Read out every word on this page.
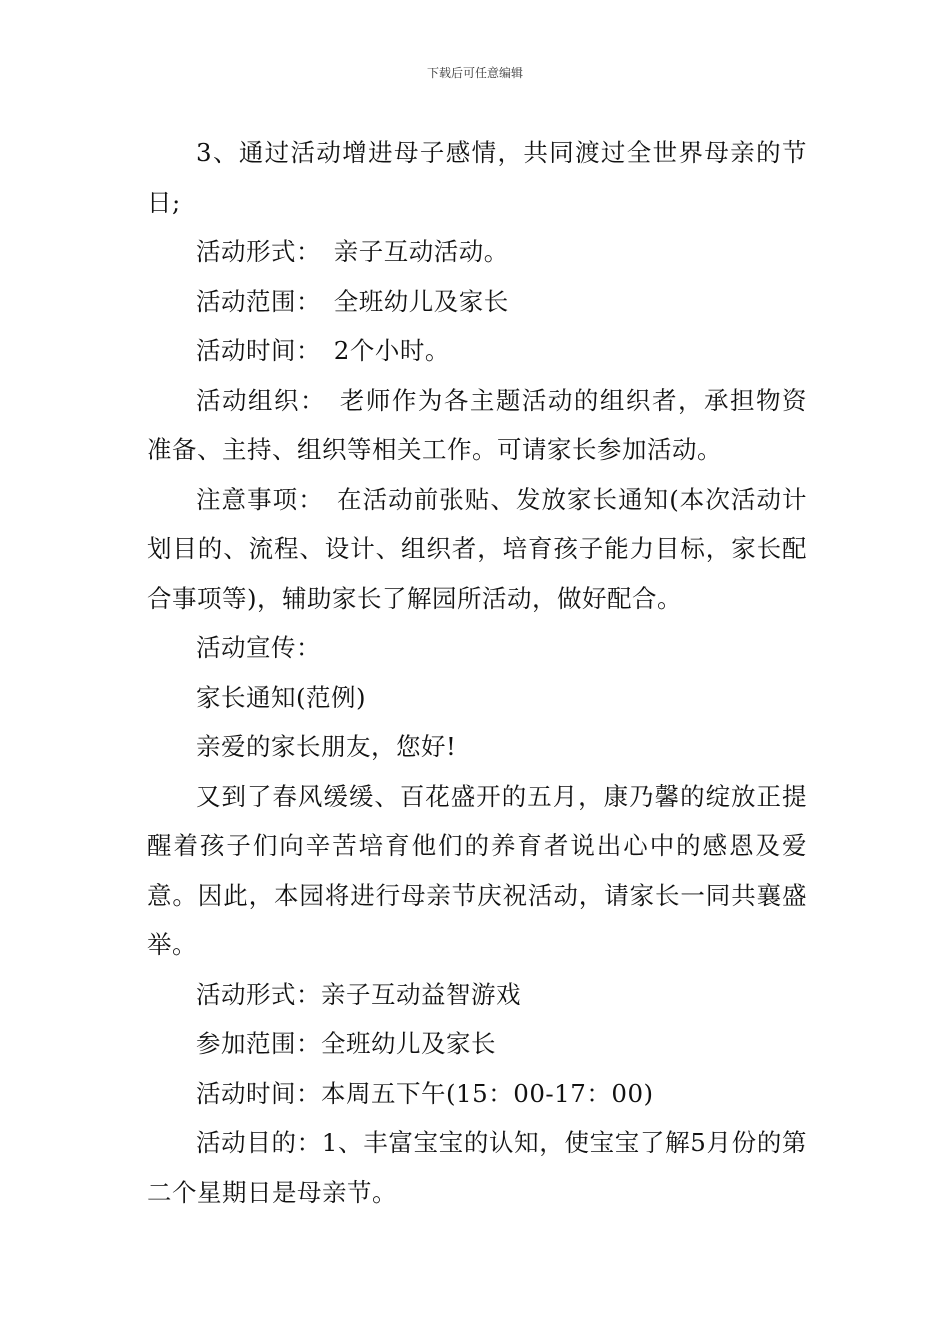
下载后可任意编辑

3、通过活动增进母子感情，共同渡过全世界母亲的节日;

活动形式：　亲子互动活动。

活动范围：　全班幼儿及家长

活动时间：　2个小时。

活动组织：　老师作为各主题活动的组织者，承担物资准备、主持、组织等相关工作。可请家长参加活动。

注意事项：　在活动前张贴、发放家长通知(本次活动计划目的、流程、设计、组织者，培育孩子能力目标，家长配合事项等)，辅助家长了解园所活动，做好配合。

活动宣传：

家长通知(范例)

亲爱的家长朋友，您好!

又到了春风缓缓、百花盛开的五月，康乃馨的绽放正提醒着孩子们向辛苦培育他们的养育者说出心中的感恩及爱意。因此，本园将进行母亲节庆祝活动，请家长一同共襄盛举。

活动形式：亲子互动益智游戏

参加范围：全班幼儿及家长

活动时间：本周五下午(15：00-17：00)

活动目的：1、丰富宝宝的认知，使宝宝了解5月份的第二个星期日是母亲节。
